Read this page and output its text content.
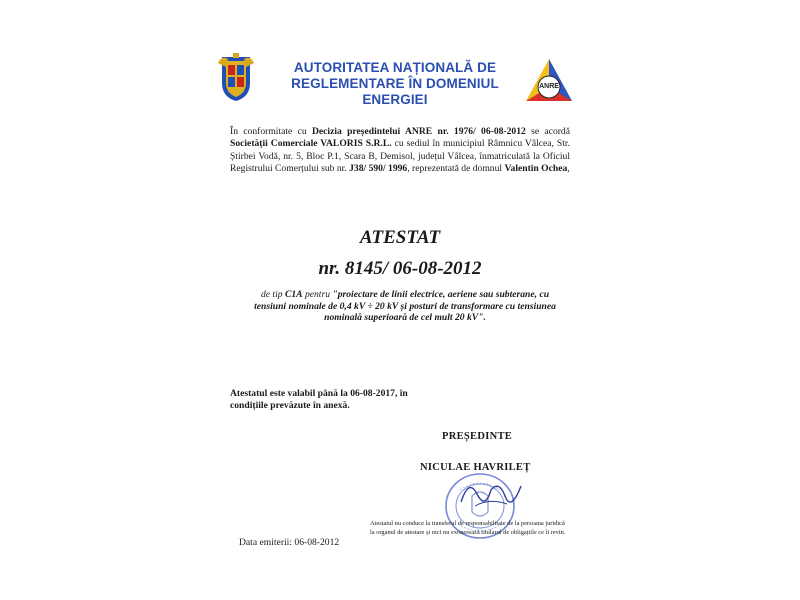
AUTORITATEA NAȚIONALĂ DE
REGLEMENTARE ÎN DOMENIUL ENERGIEI
ANRE
În conformitate cu Decizia președintelui ANRE nr. 1976/ 06-08-2012 se acordă Societății Comerciale VALORIS S.R.L. cu sediul în municipiul Râmnicu Vâlcea, Str. Știrbei Vodă, nr. 5, Bloc P.1, Scara B, Demisol, județul Vâlcea, înmatriculată la Oficiul Registrului Comerțului sub nr. J38/ 590/ 1996, reprezentată de domnul Valentin Ochea,
ATESTAT
nr. 8145/ 06-08-2012
de tip C1A pentru "proiectare de linii electrice, aeriene sau subterane, cu tensiuni nominale de 0,4 kV ÷ 20 kV și posturi de transformare cu tensiunea nominală superioară de cel mult 20 kV".
Atestatul este valabil până la 06-08-2017, în condițiile prevăzute în anexă.
PREȘEDINTE
NICULAE HAVRILEȚ
Atestatul nu conduce la transferul de responsabilitate de la persoana juridică la organul de atestare și nici nu exonerează titularul de obligațiile ce îi revin.
Data emiterii: 06-08-2012
